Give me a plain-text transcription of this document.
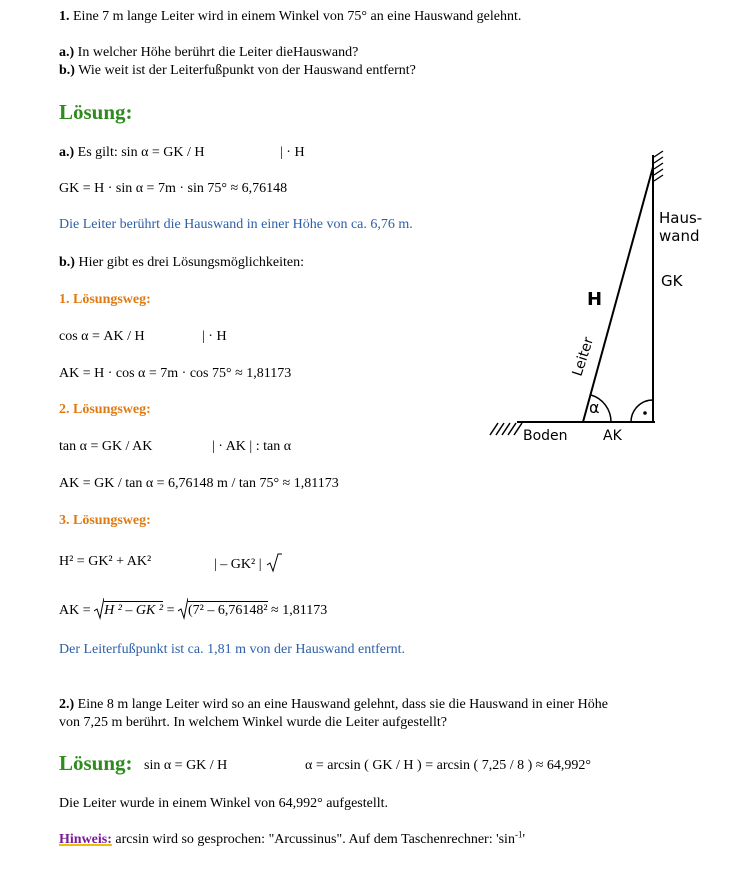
1. Eine 7 m lange Leiter wird in einem Winkel von 75° an eine Hauswand gelehnt.
a.) In welcher Höhe berührt die Leiter dieHauswand?
b.) Wie weit ist der Leiterfußpunkt von der Hauswand entfernt?
Lösung:
a.) Es gilt: sin α = GK / H	| · H
GK = H · sin α = 7m · sin 75° ≈ 6,76148
Die Leiter berührt die Hauswand in einer Höhe von ca. 6,76 m.
b.) Hier gibt es drei Lösungsmöglichkeiten:
1. Lösungsweg:
cos α = AK / H	| · H
AK = H · cos α = 7m · cos 75° ≈ 1,81173
2. Lösungsweg:
tan α = GK / AK	| · AK | : tan α
AK = GK / tan α = 6,76148 m / tan 75° ≈ 1,81173
3. Lösungsweg:
H² = GK² + AK²	| – GK² |
AK = H ² – GK ² = (7² – 6,76148² ≈ 1,81173
Der Leiterfußpunkt ist ca. 1,81 m von der Hauswand entfernt.
2.) Eine 8 m lange Leiter wird so an eine Hauswand gelehnt, dass sie die Hauswand in einer Höhe
von 7,25 m berührt. In welchem Winkel wurde die Leiter aufgestellt?
Lösung: sin α = GK / H	α = arcsin ( GK / H ) = arcsin ( 7,25 / 8 ) ≈ 64,992°
Die Leiter wurde in einem Winkel von 64,992° aufgestellt.
Hinweis: arcsin wird so gesprochen: "Arcussinus". Auf dem Taschenrechner: '$\sin^{-1}$'
α
Haus-
wand
GK
H
Leiter
Boden	AK
